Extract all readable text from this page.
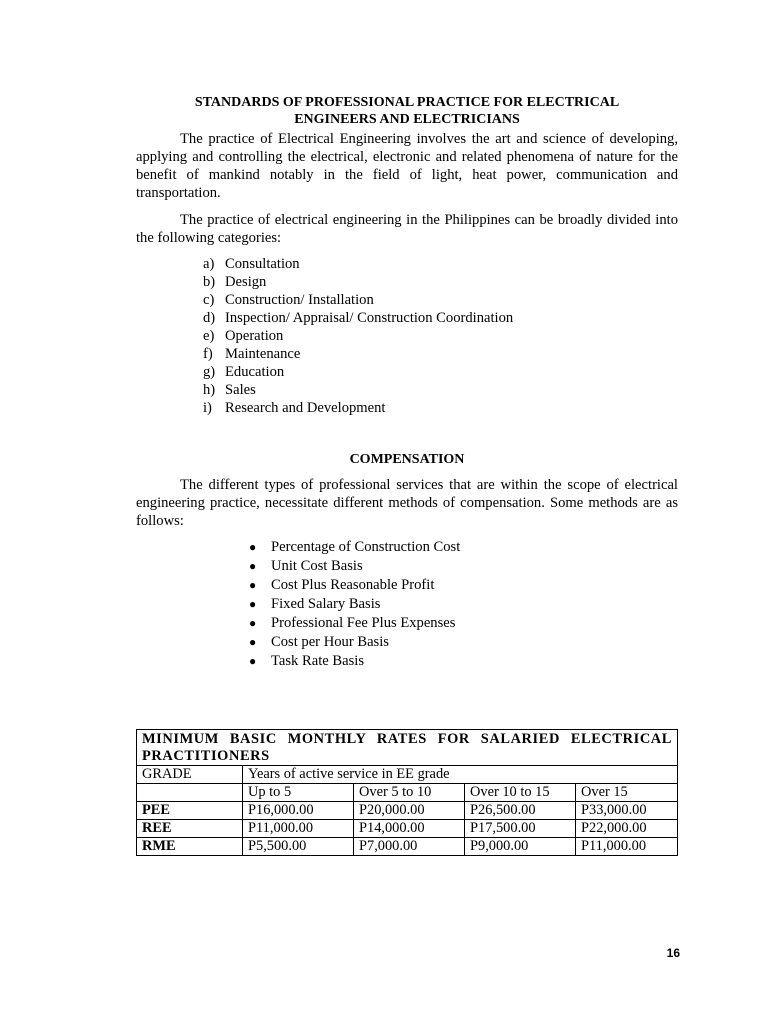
STANDARDS OF PROFESSIONAL PRACTICE FOR ELECTRICAL
ENGINEERS AND ELECTRICIANS

The practice of Electrical Engineering involves the art and science of developing, applying and controlling the electrical, electronic and related phenomena of nature for the benefit of mankind notably in the field of light, heat power, communication and transportation.

The practice of electrical engineering in the Philippines can be broadly divided into the following categories:

a) Consultation
b) Design
c) Construction/ Installation
d) Inspection/ Appraisal/ Construction Coordination
e) Operation
f) Maintenance
g) Education
h) Sales
i) Research and Development
COMPENSATION

The different types of professional services that are within the scope of electrical engineering practice, necessitate different methods of compensation. Some methods are as follows:

●	Percentage of Construction Cost
●	Unit Cost Basis
●	Cost Plus Reasonable Profit
●	Fixed Salary Basis
●	Professional Fee Plus Expenses
●	Cost per Hour Basis
●	Task Rate Basis
MINIMUM BASIC MONTHLY RATES FOR SALARIED ELECTRICAL PRACTITIONERS				
GRADE	Years of active service in EE grade			
	Up to 5	Over 5 to 10	Over 10 to 15	Over 15
PEE	P16,000.00	P20,000.00	P26,500.00	P33,000.00
REE	P11,000.00	P14,000.00	P17,500.00	P22,000.00
RME	P5,500.00	P7,000.00	P9,000.00	P11,000.00
16
